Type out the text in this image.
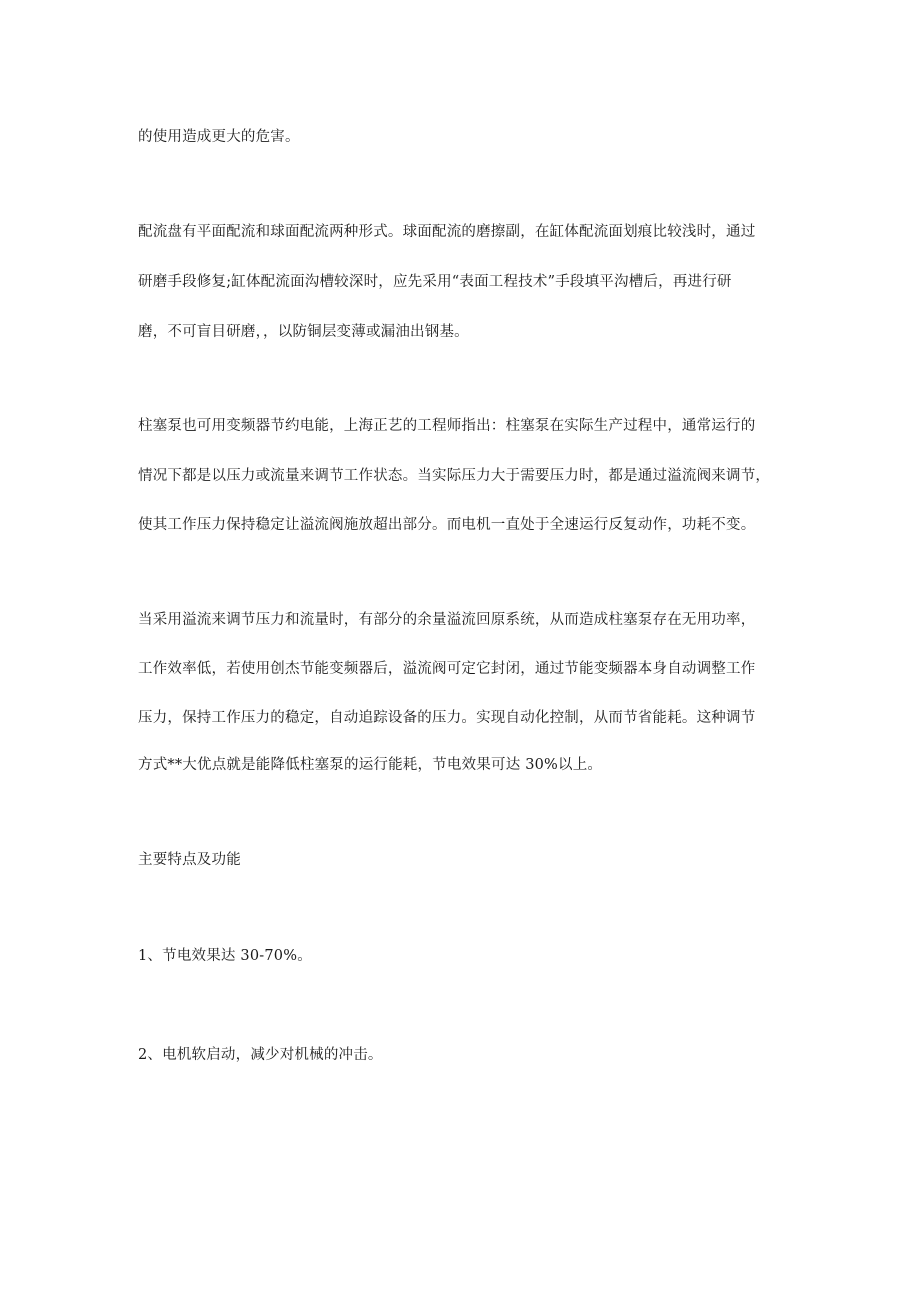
的使用造成更大的危害。
配流盘有平面配流和球面配流两种形式。球面配流的磨擦副，在缸体配流面划痕比较浅时，通过
研磨手段修复;缸体配流面沟槽较深时，应先采用“表面工程技术”手段填平沟槽后，再进行研
磨，不可盲目研磨，，以防铜层变薄或漏油出钢基。
柱塞泵也可用变频器节约电能，上海正艺的工程师指出：柱塞泵在实际生产过程中，通常运行的
情况下都是以压力或流量来调节工作状态。当实际压力大于需要压力时，都是通过溢流阀来调节，
使其工作压力保持稳定让溢流阀施放超出部分。而电机一直处于全速运行反复动作，功耗不变。
当采用溢流来调节压力和流量时，有部分的余量溢流回原系统，从而造成柱塞泵存在无用功率，
工作效率低，若使用创杰节能变频器后，溢流阀可定它封闭，通过节能变频器本身自动调整工作
压力，保持工作压力的稳定，自动追踪设备的压力。实现自动化控制，从而节省能耗。这种调节
方式**大优点就是能降低柱塞泵的运行能耗，节电效果可达 30%以上。
主要特点及功能
1、节电效果达 30-70%。
2、电机软启动，减少对机械的冲击。
